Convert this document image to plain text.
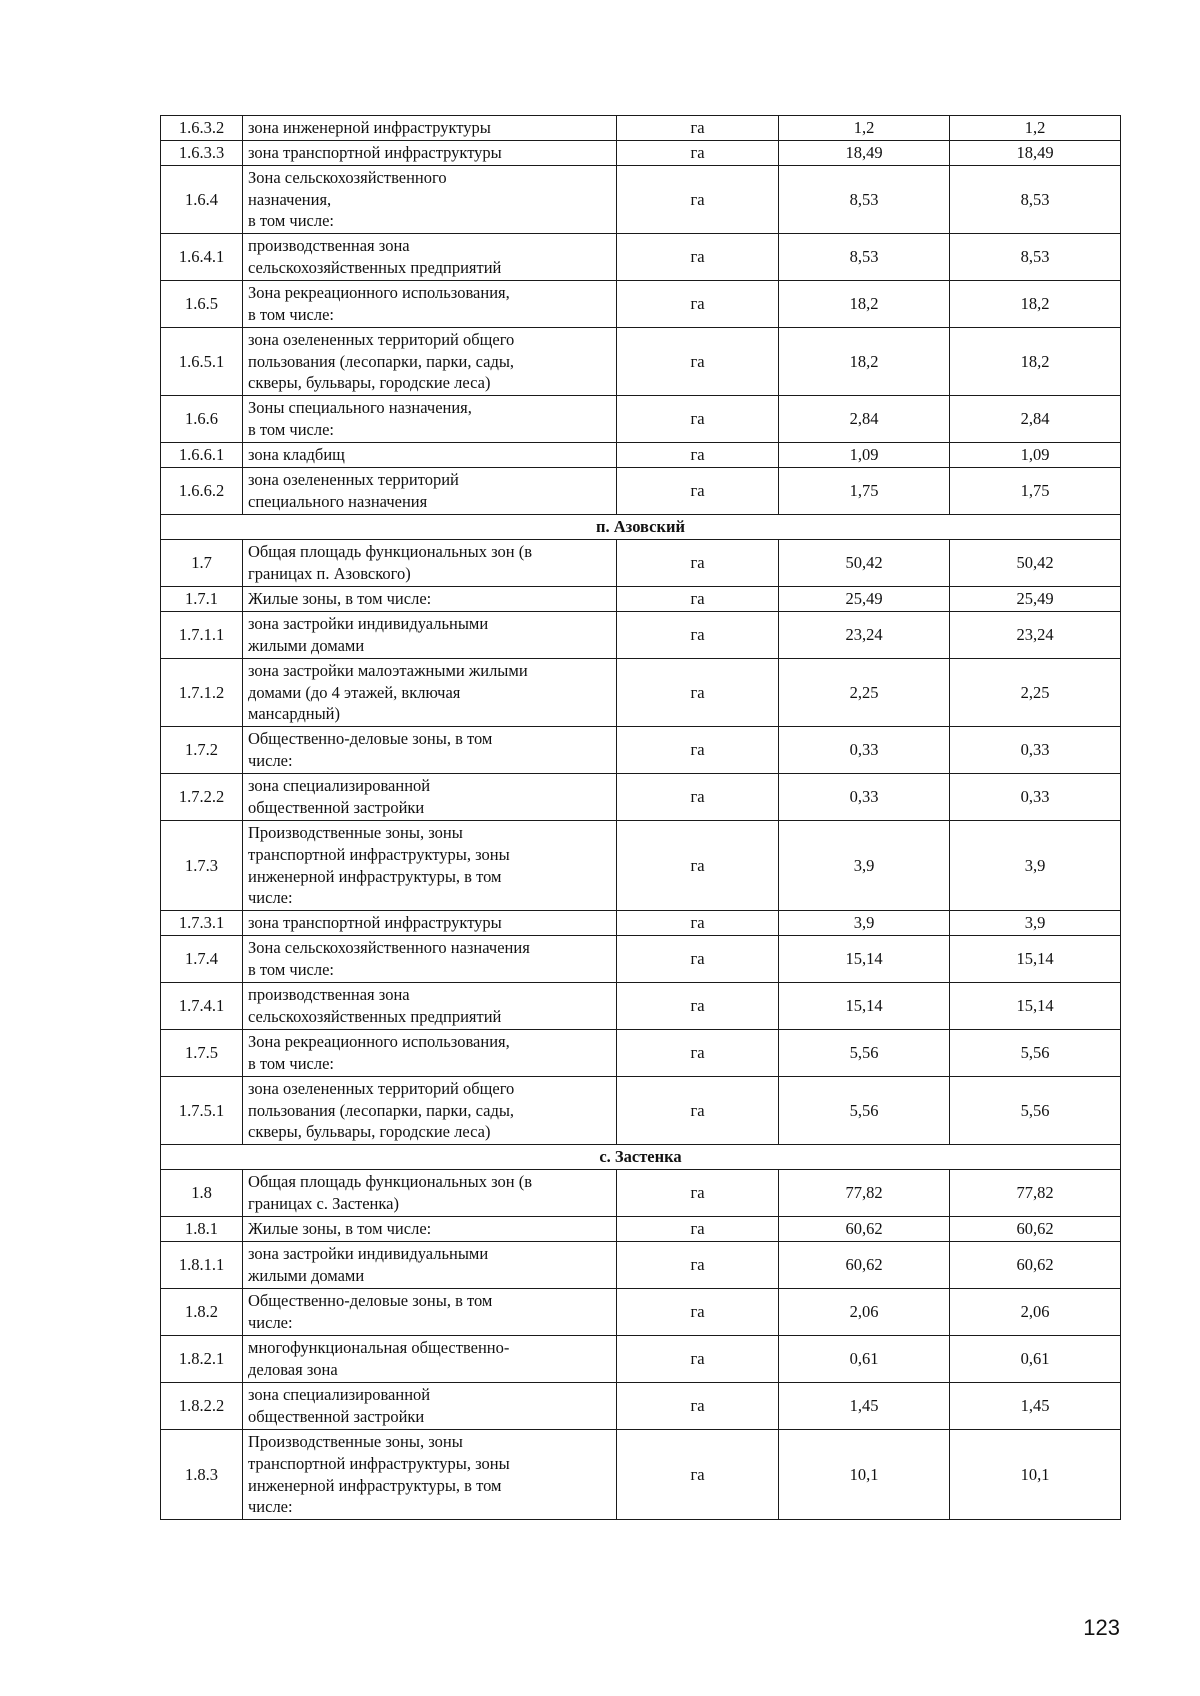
1.6.3.2	зона инженерной инфраструктуры	га	1,2	1,2
1.6.3.3	зона транспортной инфраструктуры	га	18,49	18,49
1.6.4	Зона сельскохозяйственного
назначения,
в том числе:	га	8,53	8,53
1.6.4.1	производственная зона
сельскохозяйственных предприятий	га	8,53	8,53
1.6.5	Зона рекреационного использования,
в том числе:	га	18,2	18,2
1.6.5.1	зона озелененных территорий общего
пользования (лесопарки, парки, сады,
скверы, бульвары, городские леса)	га	18,2	18,2
1.6.6	Зоны специального назначения,
в том числе:	га	2,84	2,84
1.6.6.1	зона кладбищ	га	1,09	1,09
1.6.6.2	зона озелененных территорий
специального назначения	га	1,75	1,75
п. Азовский				
1.7	Общая площадь функциональных зон (в
границах п. Азовского)	га	50,42	50,42
1.7.1	Жилые зоны, в том числе:	га	25,49	25,49
1.7.1.1	зона застройки индивидуальными
жилыми домами	га	23,24	23,24
1.7.1.2	зона застройки малоэтажными жилыми
домами (до 4 этажей, включая
мансардный)	га	2,25	2,25
1.7.2	Общественно-деловые зоны, в том
числе:	га	0,33	0,33
1.7.2.2	зона специализированной
общественной застройки	га	0,33	0,33
1.7.3	Производственные зоны, зоны
транспортной инфраструктуры, зоны
инженерной инфраструктуры, в том
числе:	га	3,9	3,9
1.7.3.1	зона транспортной инфраструктуры	га	3,9	3,9
1.7.4	Зона сельскохозяйственного назначения
в том числе:	га	15,14	15,14
1.7.4.1	производственная зона
сельскохозяйственных предприятий	га	15,14	15,14
1.7.5	Зона рекреационного использования,
в том числе:	га	5,56	5,56
1.7.5.1	зона озелененных территорий общего
пользования (лесопарки, парки, сады,
скверы, бульвары, городские леса)	га	5,56	5,56
с. Застенка				
1.8	Общая площадь функциональных зон (в
границах с. Застенка)	га	77,82	77,82
1.8.1	Жилые зоны, в том числе:	га	60,62	60,62
1.8.1.1	зона застройки индивидуальными
жилыми домами	га	60,62	60,62
1.8.2	Общественно-деловые зоны, в том
числе:	га	2,06	2,06
1.8.2.1	многофункциональная общественно-
деловая зона	га	0,61	0,61
1.8.2.2	зона специализированной
общественной застройки	га	1,45	1,45
1.8.3	Производственные зоны, зоны
транспортной инфраструктуры, зоны
инженерной инфраструктуры, в том
числе:	га	10,1	10,1
123
